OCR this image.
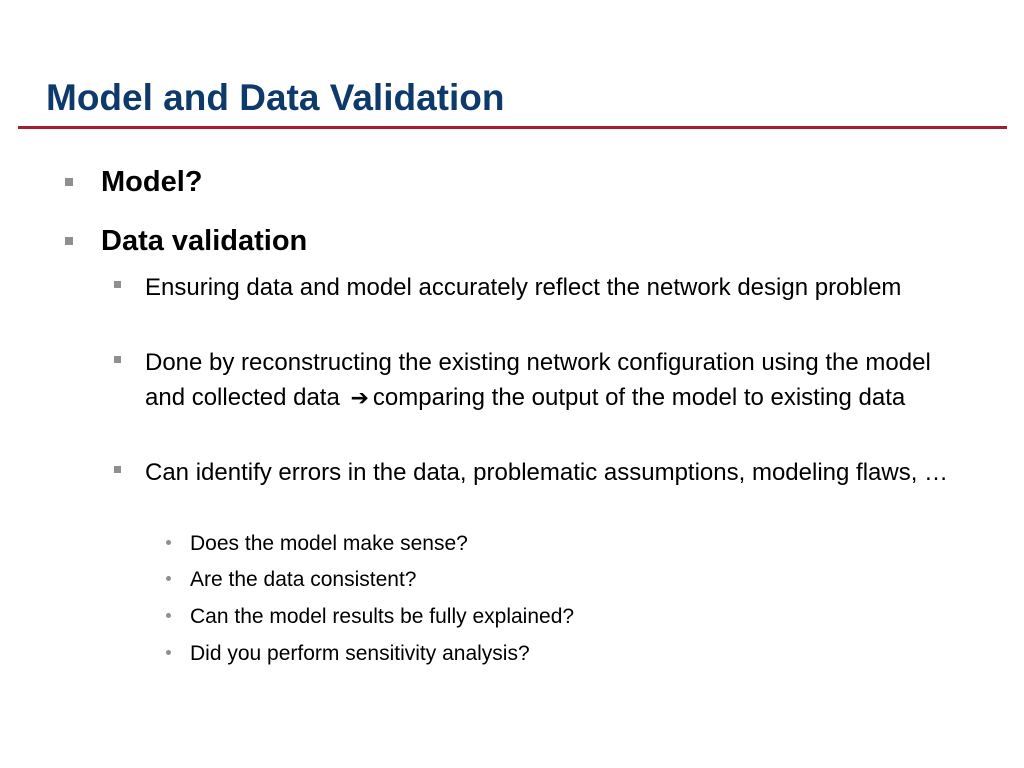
Model and Data Validation

Model?

Data validation

Ensuring data and model accurately reflect the network design problem

Done by reconstructing the existing network configuration using the model and collected data ➔ comparing the output of the model to existing data

Can identify errors in the data, problematic assumptions, modeling flaws, …

Does the model make sense?

Are the data consistent?

Can the model results be fully explained?

Did you perform sensitivity analysis?
